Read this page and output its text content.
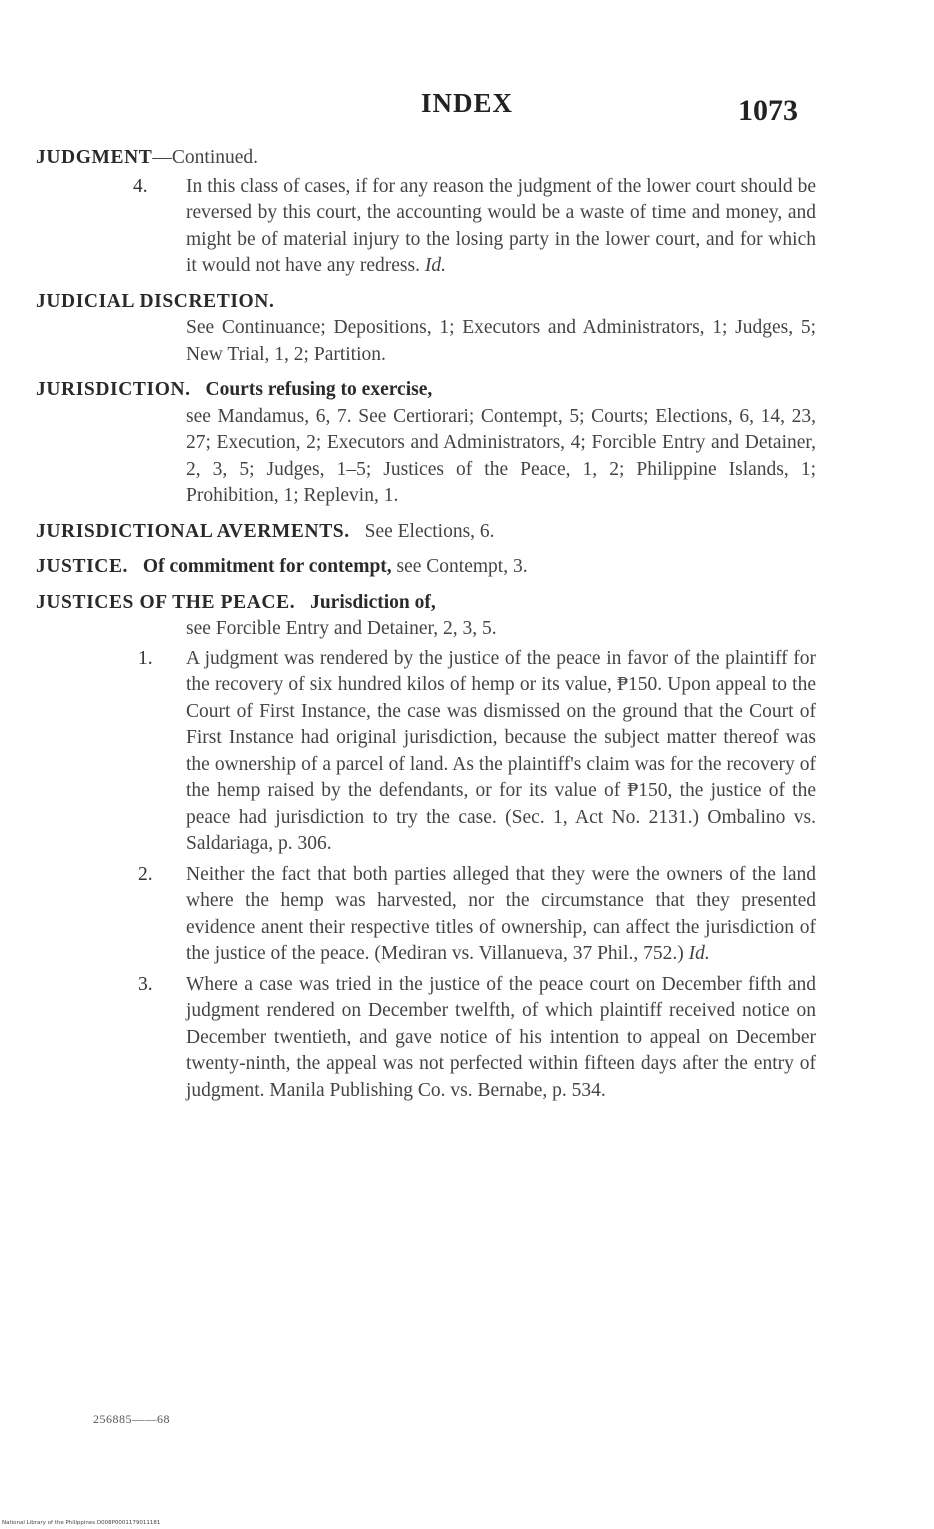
INDEX	1073

JUDGMENT—Continued.

4. In this class of cases, if for any reason the judgment of the lower court should be reversed by this court, the accounting would be a waste of time and money, and might be of material injury to the losing party in the lower court, and for which it would not have any redress. Id.

JUDICIAL DISCRETION.

See Continuance; Depositions, 1; Executors and Administrators, 1; Judges, 5; New Trial, 1, 2; Partition.

JURISDICTION. Courts refusing to exercise,

see Mandamus, 6, 7. See Certiorari; Contempt, 5; Courts; Elections, 6, 14, 23, 27; Execution, 2; Executors and Administrators, 4; Forcible Entry and Detainer, 2, 3, 5; Judges, 1–5; Justices of the Peace, 1, 2; Philippine Islands, 1; Prohibition, 1; Replevin, 1.

JURISDICTIONAL AVERMENTS. See Elections, 6.

JUSTICE. Of commitment for contempt, see Contempt, 3.

JUSTICES OF THE PEACE. Jurisdiction of,

see Forcible Entry and Detainer, 2, 3, 5.

1. A judgment was rendered by the justice of the peace in favor of the plaintiff for the recovery of six hundred kilos of hemp or its value, ₱150. Upon appeal to the Court of First Instance, the case was dismissed on the ground that the Court of First Instance had original jurisdiction, because the subject matter thereof was the ownership of a parcel of land. As the plaintiff's claim was for the recovery of the hemp raised by the defendants, or for its value of ₱150, the justice of the peace had jurisdiction to try the case. (Sec. 1, Act No. 2131.) Ombalino vs. Saldariaga, p. 306.
2. Neither the fact that both parties alleged that they were the owners of the land where the hemp was harvested, nor the circumstance that they presented evidence anent their respective titles of ownership, can affect the jurisdiction of the justice of the peace. (Mediran vs. Villanueva, 37 Phil., 752.) Id.
3. Where a case was tried in the justice of the peace court on December fifth and judgment rendered on December twelfth, of which plaintiff received notice on December twentieth, and gave notice of his intention to appeal on December twenty-ninth, the appeal was not perfected within fifteen days after the entry of judgment. Manila Publishing Co. vs. Bernabe, p. 534.
256885——68
National Library of the Philippines D008P0001179011181
